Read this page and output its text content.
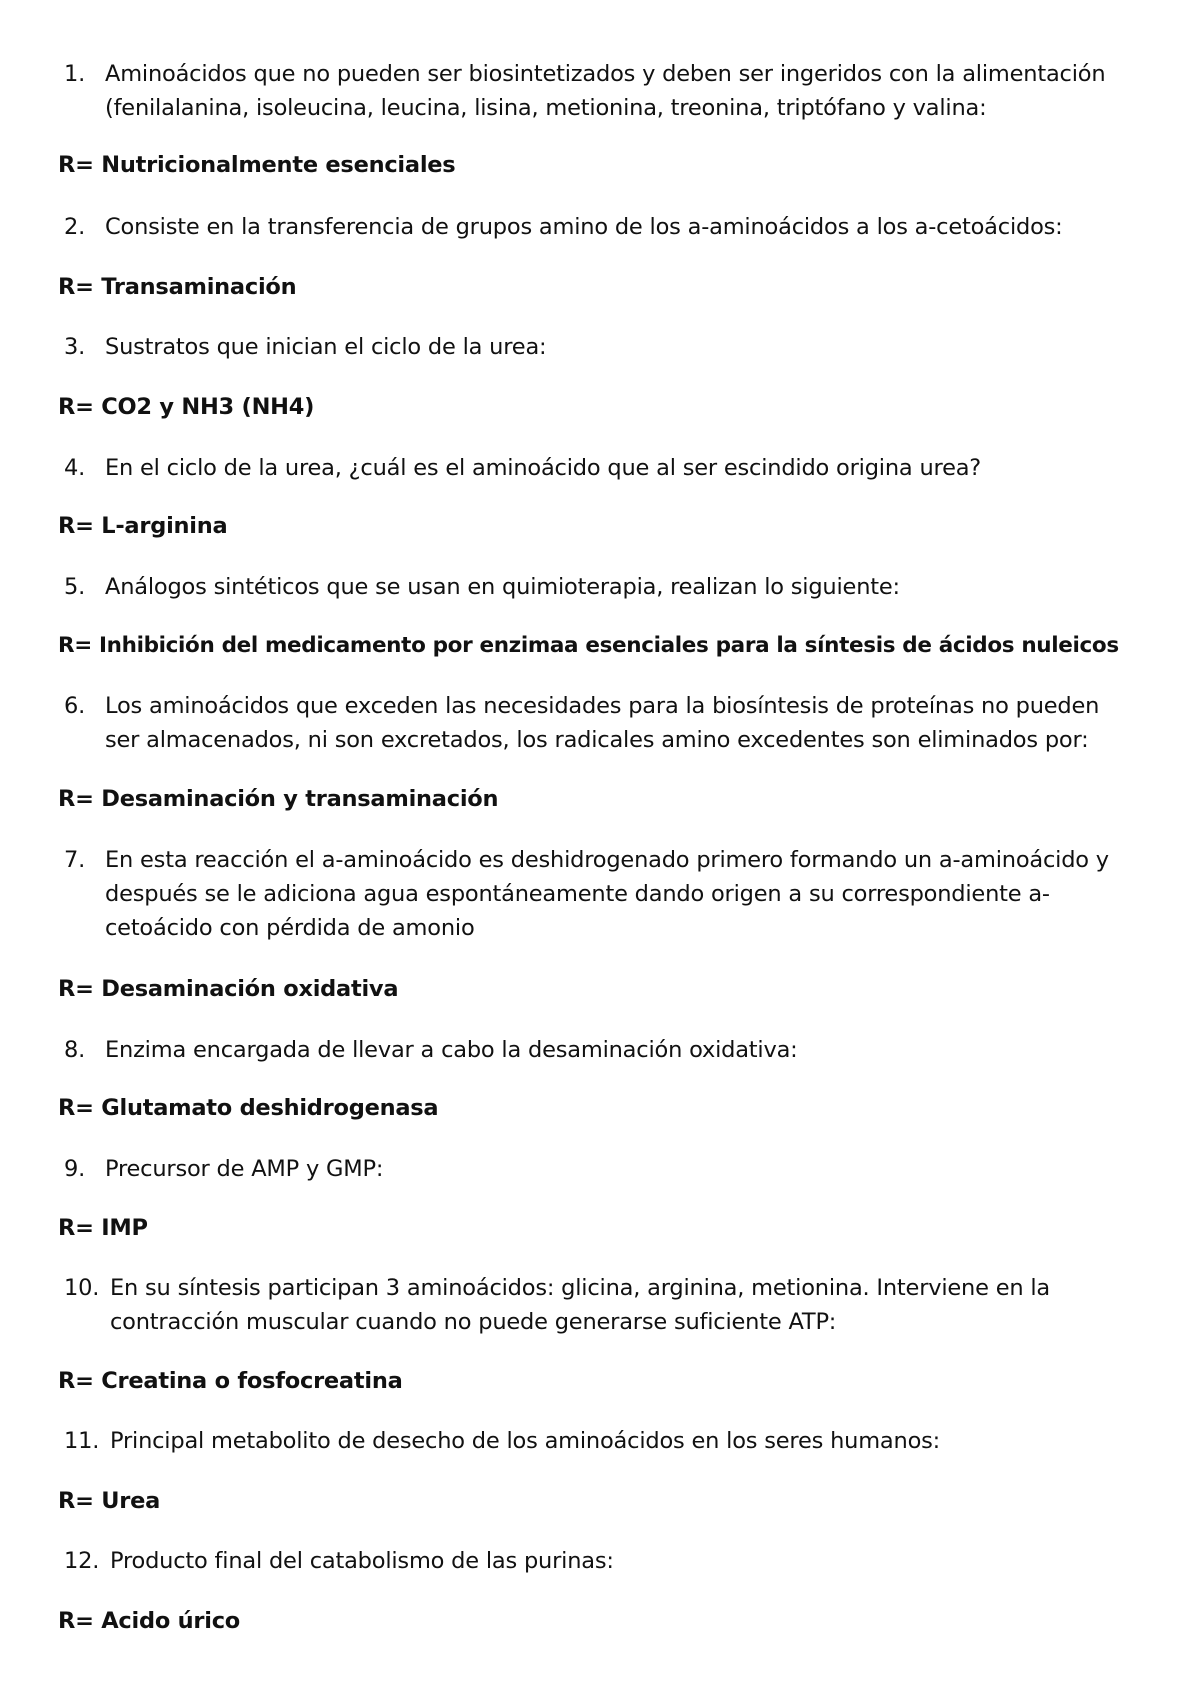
1. Aminoácidos que no pueden ser biosintetizados y deben ser ingeridos con la alimentación (fenilalanina, isoleucina, leucina, lisina, metionina, treonina, triptófano y valina:
R= Nutricionalmente esenciales
2. Consiste en la transferencia de grupos amino de los a-aminoácidos a los a-cetoácidos:
R= Transaminación
3. Sustratos que inician el ciclo de la urea:
R= CO2 y NH3 (NH4)
4. En el ciclo de la urea, ¿cuál es el aminoácido que al ser escindido origina urea?
R= L-arginina
5. Análogos sintéticos que se usan en quimioterapia, realizan lo siguiente:
R= Inhibición del medicamento por enzimaa esenciales para la síntesis de ácidos nuleicos
6. Los aminoácidos que exceden las necesidades para la biosíntesis de proteínas no pueden ser almacenados, ni son excretados, los radicales amino excedentes son eliminados por:
R= Desaminación y transaminación
7. En esta reacción el a-aminoácido es deshidrogenado primero formando un a-aminoácido y después se le adiciona agua espontáneamente dando origen a su correspondiente a-cetoácido con pérdida de amonio
R= Desaminación oxidativa
8. Enzima encargada de llevar a cabo la desaminación oxidativa:
R= Glutamato deshidrogenasa
9. Precursor de AMP y GMP:
R= IMP
10. En su síntesis participan 3 aminoácidos: glicina, arginina, metionina. Interviene en la contracción muscular cuando no puede generarse suficiente ATP:
R= Creatina o fosfocreatina
11. Principal metabolito de desecho de los aminoácidos en los seres humanos:
R= Urea
12. Producto final del catabolismo de las purinas:
R= Acido úrico
